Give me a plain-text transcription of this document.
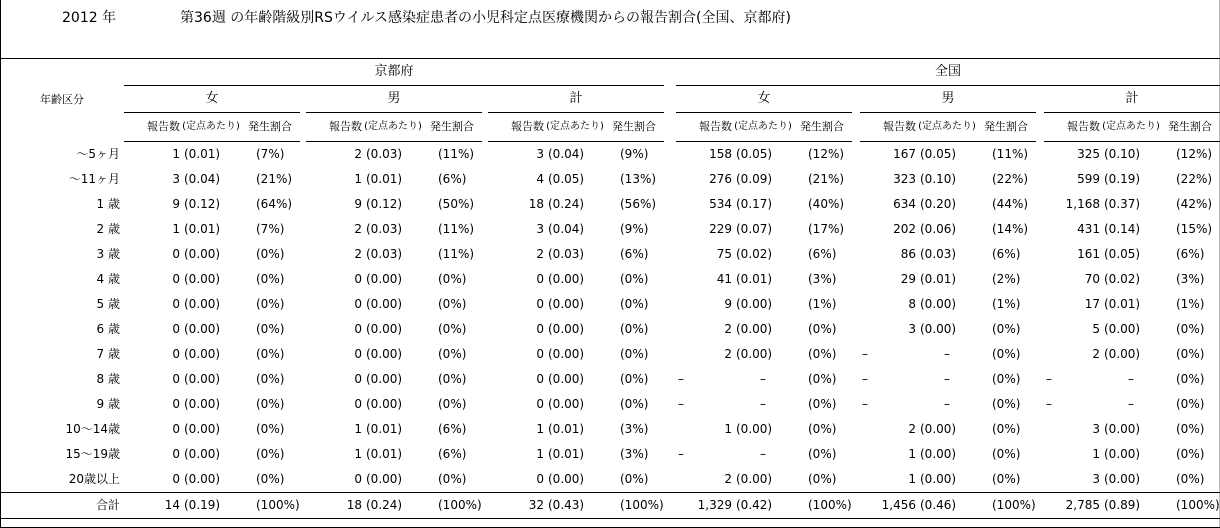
2012 年	第36週 の年齢階級別RSウイルス感染症患者の小児科定点医療機関からの報告割合(全国、京都府)
年齢区分	京都府												全国										
	女				男				計				女				男				計		
	報告数	(定点あたり)	発生割合		報告数	(定点あたり)	発生割合		報告数	(定点あたり)	発生割合		報告数	(定点あたり)	発生割合		報告数	(定点あたり)	発生割合		報告数	(定点あたり)	発生割合
～5ヶ月	1	(0.01)	(7%)		2	(0.03)	(11%)		3	(0.04)	(9%)		158	(0.05)	(12%)		167	(0.05)	(11%)		325	(0.10)	(12%)
～11ヶ月	3	(0.04)	(21%)		1	(0.01)	(6%)		4	(0.05)	(13%)		276	(0.09)	(21%)		323	(0.10)	(22%)		599	(0.19)	(22%)
1 歳	9	(0.12)	(64%)		9	(0.12)	(50%)		18	(0.24)	(56%)		534	(0.17)	(40%)		634	(0.20)	(44%)		1,168	(0.37)	(42%)
2 歳	1	(0.01)	(7%)		2	(0.03)	(11%)		3	(0.04)	(9%)		229	(0.07)	(17%)		202	(0.06)	(14%)		431	(0.14)	(15%)
3 歳	0	(0.00)	(0%)		2	(0.03)	(11%)		2	(0.03)	(6%)		75	(0.02)	(6%)		86	(0.03)	(6%)		161	(0.05)	(6%)
4 歳	0	(0.00)	(0%)		0	(0.00)	(0%)		0	(0.00)	(0%)		41	(0.01)	(3%)		29	(0.01)	(2%)		70	(0.02)	(3%)
5 歳	0	(0.00)	(0%)		0	(0.00)	(0%)		0	(0.00)	(0%)		9	(0.00)	(1%)		8	(0.00)	(1%)		17	(0.01)	(1%)
6 歳	0	(0.00)	(0%)		0	(0.00)	(0%)		0	(0.00)	(0%)		2	(0.00)	(0%)		3	(0.00)	(0%)		5	(0.00)	(0%)
7 歳	0	(0.00)	(0%)		0	(0.00)	(0%)		0	(0.00)	(0%)		2	(0.00)	(0%)		–	–	(0%)		2	(0.00)	(0%)
8 歳	0	(0.00)	(0%)		0	(0.00)	(0%)		0	(0.00)	(0%)		–	–	(0%)		–	–	(0%)		–	–	(0%)
9 歳	0	(0.00)	(0%)		0	(0.00)	(0%)		0	(0.00)	(0%)		–	–	(0%)		–	–	(0%)		–	–	(0%)
10～14歳	0	(0.00)	(0%)		1	(0.01)	(6%)		1	(0.01)	(3%)		1	(0.00)	(0%)		2	(0.00)	(0%)		3	(0.00)	(0%)
15～19歳	0	(0.00)	(0%)		1	(0.01)	(6%)		1	(0.01)	(3%)		–	–	(0%)		1	(0.00)	(0%)		1	(0.00)	(0%)
20歳以上	0	(0.00)	(0%)		0	(0.00)	(0%)		0	(0.00)	(0%)		2	(0.00)	(0%)		1	(0.00)	(0%)		3	(0.00)	(0%)
合計	14	(0.19)	(100%)		18	(0.24)	(100%)		32	(0.43)	(100%)		1,329	(0.42)	(100%)		1,456	(0.46)	(100%)		2,785	(0.89)	(100%)
